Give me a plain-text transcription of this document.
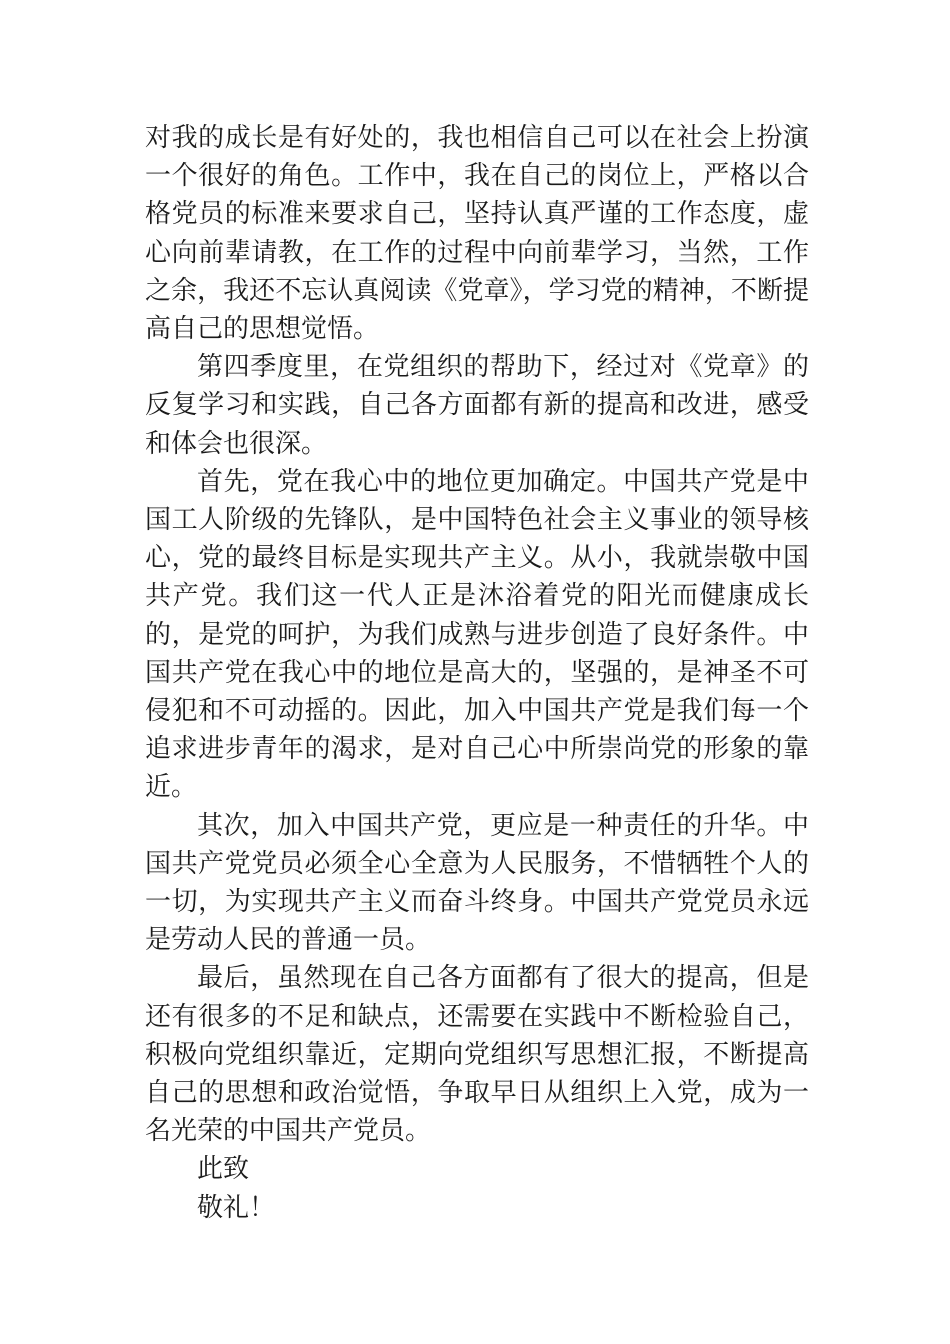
对我的成长是有好处的，我也相信自己可以在社会上扮演一个很好的角色。工作中，我在自己的岗位上，严格以合格党员的标准来要求自己，坚持认真严谨的工作态度，虚心向前辈请教，在工作的过程中向前辈学习，当然，工作之余，我还不忘认真阅读《党章》，学习党的精神，不断提高自己的思想觉悟。

第四季度里，在党组织的帮助下，经过对《党章》的反复学习和实践，自己各方面都有新的提高和改进，感受和体会也很深。

首先，党在我心中的地位更加确定。中国共产党是中国工人阶级的先锋队，是中国特色社会主义事业的领导核心，党的最终目标是实现共产主义。从小，我就崇敬中国共产党。我们这一代人正是沐浴着党的阳光而健康成长的，是党的呵护，为我们成熟与进步创造了良好条件。中国共产党在我心中的地位是高大的，坚强的，是神圣不可侵犯和不可动摇的。因此，加入中国共产党是我们每一个追求进步青年的渴求，是对自己心中所崇尚党的形象的靠近。

其次，加入中国共产党，更应是一种责任的升华。中国共产党党员必须全心全意为人民服务，不惜牺牲个人的一切，为实现共产主义而奋斗终身。中国共产党党员永远是劳动人民的普通一员。

最后，虽然现在自己各方面都有了很大的提高，但是还有很多的不足和缺点，还需要在实践中不断检验自己，积极向党组织靠近，定期向党组织写思想汇报，不断提高自己的思想和政治觉悟，争取早日从组织上入党，成为一名光荣的中国共产党员。

此致

敬礼！
